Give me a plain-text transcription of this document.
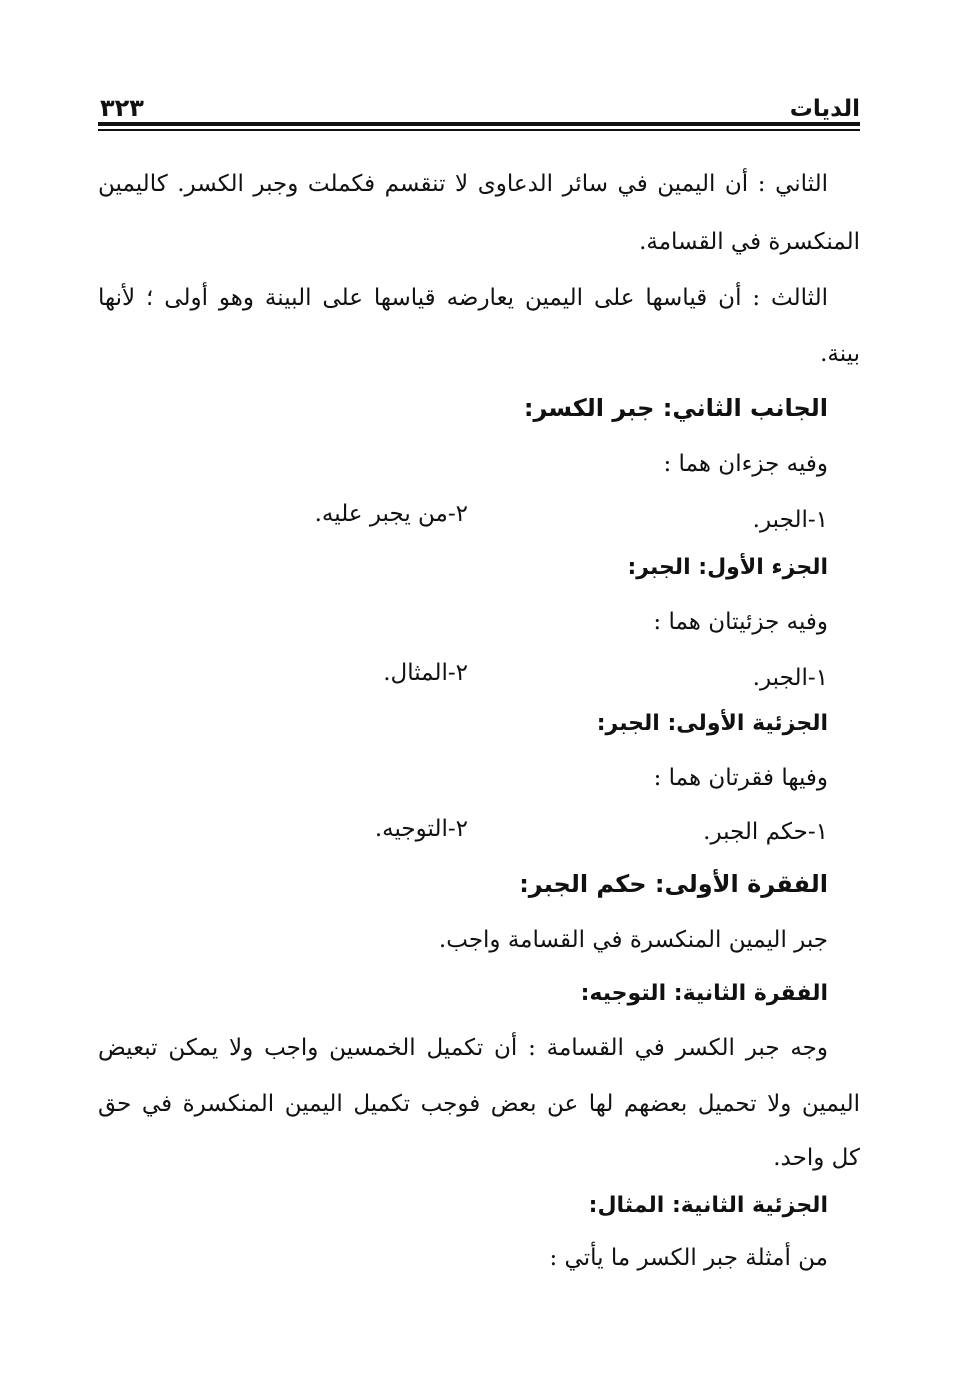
الديات
٣٢٣
الثاني : أن اليمين في سائر الدعاوى لا تنقسم فكملت وجبر الكسر. كاليمين
المنكسرة في القسامة.
الثالث : أن قياسها على اليمين يعارضه قياسها على البينة وهو أولى ؛ لأنها
بينة.
الجانب الثاني: جبر الكسر:
وفيه جزءان هما :
١-الجبر.
٢-من يجبر عليه.
الجزء الأول: الجبر:
وفيه جزئيتان هما :
١-الجبر.
٢-المثال.
الجزئية الأولى: الجبر:
وفيها فقرتان هما :
١-حكم الجبر.
٢-التوجيه.
الفقرة الأولى: حكم الجبر:
جبر اليمين المنكسرة في القسامة واجب.
الفقرة الثانية: التوجيه:
وجه جبر الكسر في القسامة : أن تكميل الخمسين واجب ولا يمكن تبعيض
اليمين ولا تحميل بعضهم لها عن بعض فوجب تكميل اليمين المنكسرة في حق
كل واحد.
الجزئية الثانية: المثال:
من أمثلة جبر الكسر ما يأتي :
